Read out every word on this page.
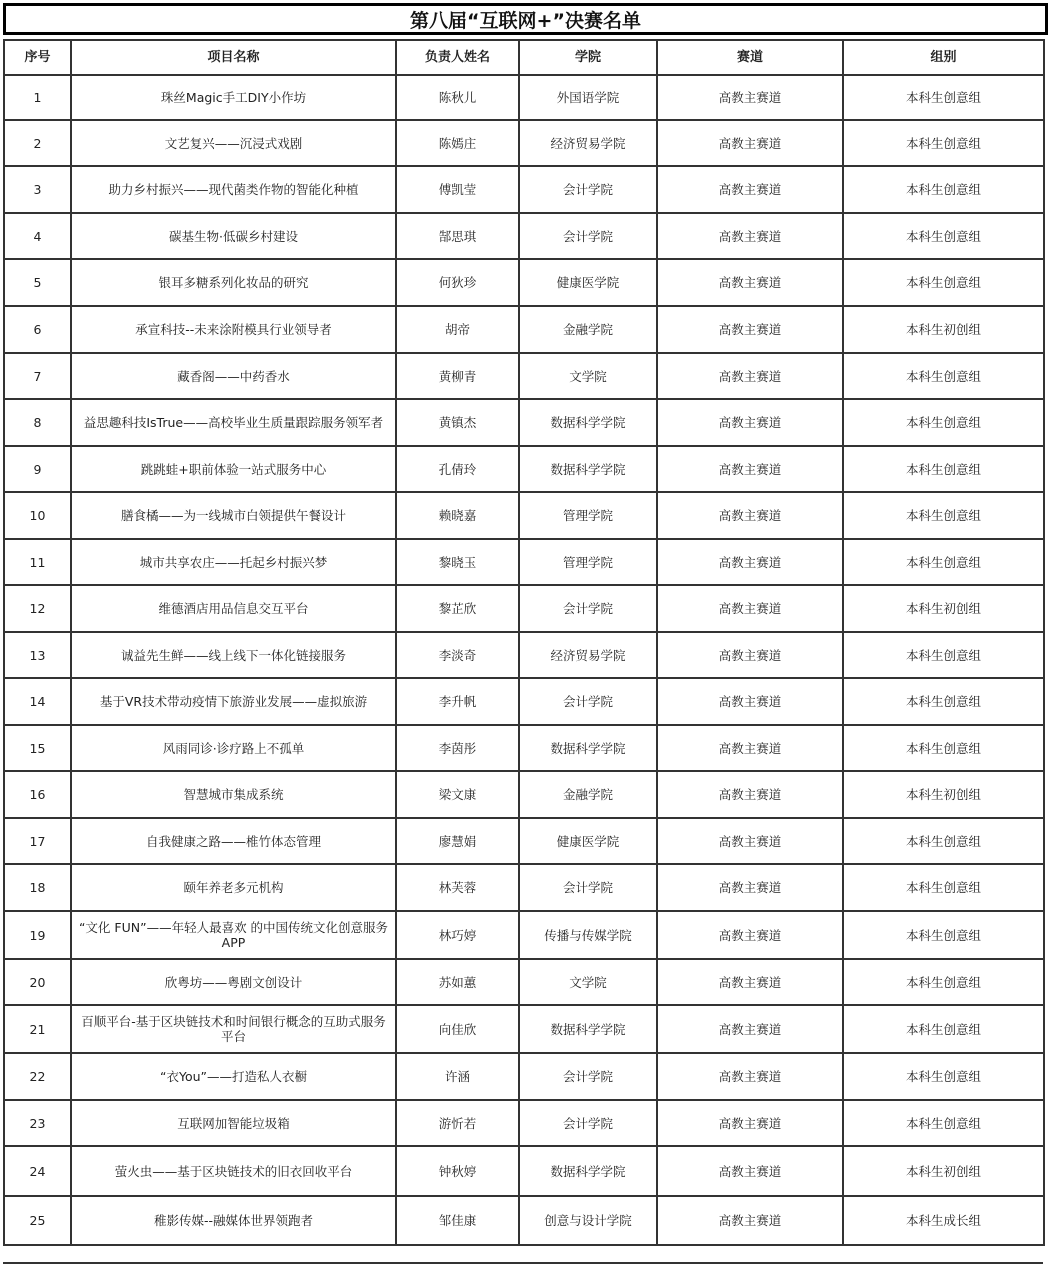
第八届“互联网+”决赛名单
序号	项目名称	负责人姓名	学院	赛道	组别
1	珠丝Magic手工DIY小作坊	陈秋儿	外国语学院	高教主赛道	本科生创意组
2	文艺复兴——沉浸式戏剧	陈嫣庄	经济贸易学院	高教主赛道	本科生创意组
3	助力乡村振兴——现代菌类作物的智能化种植	傅凯莹	会计学院	高教主赛道	本科生创意组
4	碳基生物·低碳乡村建设	郜思琪	会计学院	高教主赛道	本科生创意组
5	银耳多糖系列化妆品的研究	何狄珍	健康医学院	高教主赛道	本科生创意组
6	承宣科技--未来涂附模具行业领导者	胡帝	金融学院	高教主赛道	本科生初创组
7	藏香阁——中药香水	黄柳青	文学院	高教主赛道	本科生创意组
8	益思趣科技IsTrue——高校毕业生质量跟踪服务领军者	黄镇杰	数据科学学院	高教主赛道	本科生创意组
9	跳跳蛙+职前体验一站式服务中心	孔倩玲	数据科学学院	高教主赛道	本科生创意组
10	膳食橘——为一线城市白领提供午餐设计	赖晓嘉	管理学院	高教主赛道	本科生创意组
11	城市共享农庄——托起乡村振兴梦	黎晓玉	管理学院	高教主赛道	本科生创意组
12	维德酒店用品信息交互平台	黎芷欣	会计学院	高教主赛道	本科生初创组
13	诚益先生鲜——线上线下一体化链接服务	李淡奇	经济贸易学院	高教主赛道	本科生创意组
14	基于VR技术带动疫情下旅游业发展——虚拟旅游	李升帆	会计学院	高教主赛道	本科生创意组
15	风雨同诊·诊疗路上不孤单	李茵彤	数据科学学院	高教主赛道	本科生创意组
16	智慧城市集成系统	梁文康	金融学院	高教主赛道	本科生初创组
17	自我健康之路——椎竹体态管理	廖慧娟	健康医学院	高教主赛道	本科生创意组
18	颐年养老多元机构	林芙蓉	会计学院	高教主赛道	本科生创意组
19	“文化 FUN”——年轻人最喜欢 的中国传统文化创意服务APP	林巧婷	传播与传媒学院	高教主赛道	本科生创意组
20	欣粤坊——粤剧文创设计	苏如蕙	文学院	高教主赛道	本科生创意组
21	百顺平台-基于区块链技术和时间银行概念的互助式服务平台	向佳欣	数据科学学院	高教主赛道	本科生创意组
22	“衣You”——打造私人衣橱	许涵	会计学院	高教主赛道	本科生创意组
23	互联网加智能垃圾箱	游忻若	会计学院	高教主赛道	本科生创意组
24	萤火虫——基于区块链技术的旧衣回收平台	钟秋婷	数据科学学院	高教主赛道	本科生初创组
25	稚影传媒--融媒体世界领跑者	邹佳康	创意与设计学院	高教主赛道	本科生成长组
